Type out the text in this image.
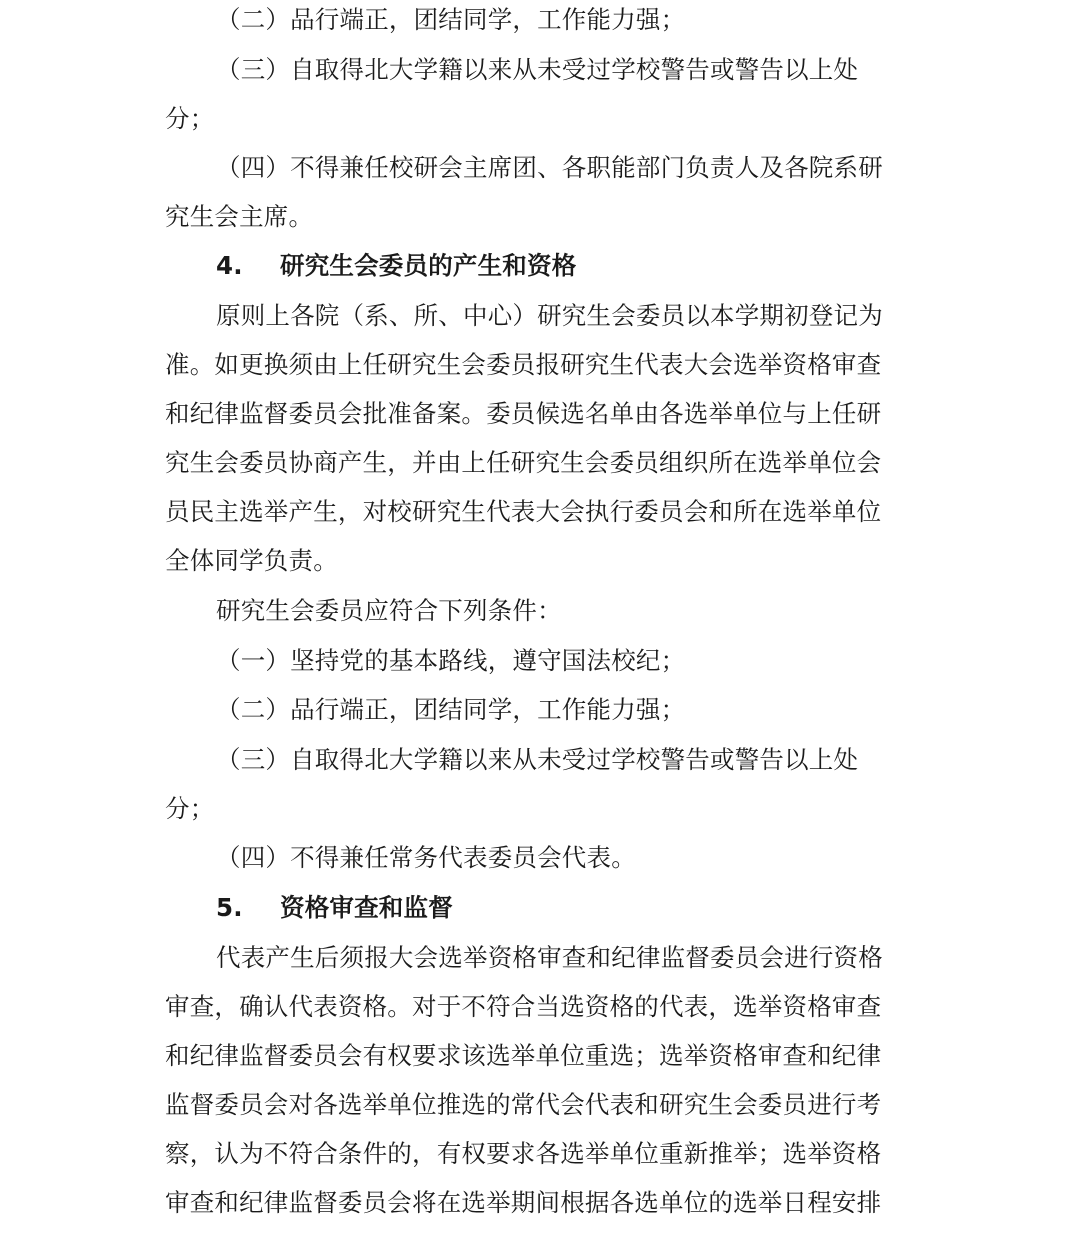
（二）品行端正，团结同学，工作能力强；
（三）自取得北大学籍以来从未受过学校警告或警告以上处
分；
（四）不得兼任校研会主席团、各职能部门负责人及各院系研
究生会主席。
4. 研究生会委员的产生和资格
原则上各院（系、所、中心）研究生会委员以本学期初登记为
准。如更换须由上任研究生会委员报研究生代表大会选举资格审查
和纪律监督委员会批准备案。委员候选名单由各选举单位与上任研
究生会委员协商产生，并由上任研究生会委员组织所在选举单位会
员民主选举产生，对校研究生代表大会执行委员会和所在选举单位
全体同学负责。
研究生会委员应符合下列条件：
（一）坚持党的基本路线，遵守国法校纪；
（二）品行端正，团结同学，工作能力强；
（三）自取得北大学籍以来从未受过学校警告或警告以上处
分；
（四）不得兼任常务代表委员会代表。
5. 资格审查和监督
代表产生后须报大会选举资格审查和纪律监督委员会进行资格
审查，确认代表资格。对于不符合当选资格的代表，选举资格审查
和纪律监督委员会有权要求该选举单位重选；选举资格审查和纪律
监督委员会对各选举单位推选的常代会代表和研究生会委员进行考
察，认为不符合条件的，有权要求各选举单位重新推举；选举资格
审查和纪律监督委员会将在选举期间根据各选单位的选举日程安排
